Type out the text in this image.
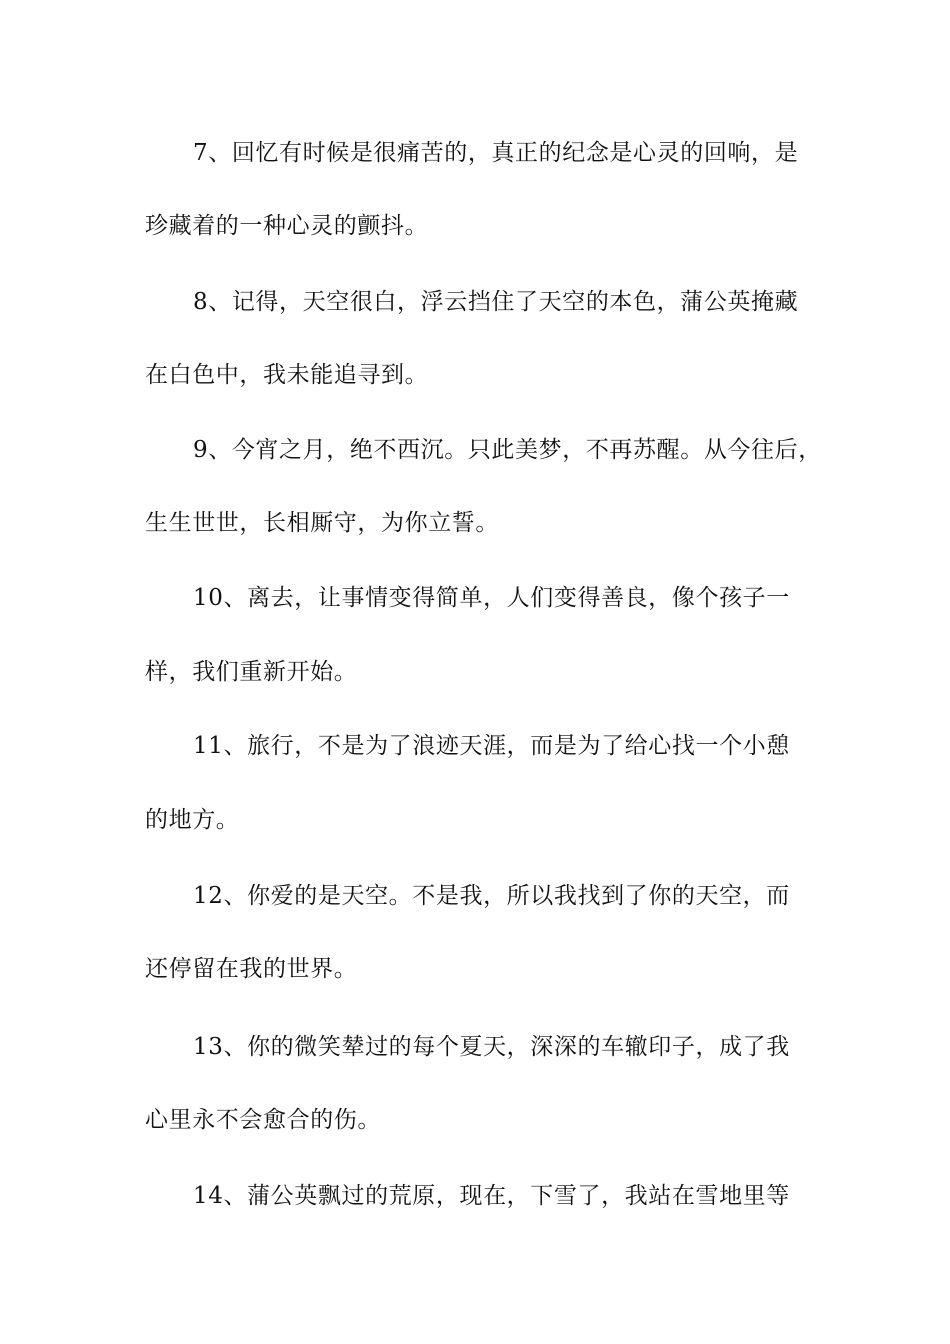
7、回忆有时候是很痛苦的，真正的纪念是心灵的回响，是
珍藏着的一种心灵的颤抖。
8、记得，天空很白，浮云挡住了天空的本色，蒲公英掩藏
在白色中，我未能追寻到。
9、今宵之月，绝不西沉。只此美梦，不再苏醒。从今往后，
生生世世，长相厮守，为你立誓。
10、离去，让事情变得简单，人们变得善良，像个孩子一
样，我们重新开始。
11、旅行，不是为了浪迹天涯，而是为了给心找一个小憩
的地方。
12、你爱的是天空。不是我，所以我找到了你的天空，而
还停留在我的世界。
13、你的微笑辇过的每个夏天，深深的车辙印子，成了我
心里永不会愈合的伤。
14、蒲公英飘过的荒原，现在，下雪了，我站在雪地里等
